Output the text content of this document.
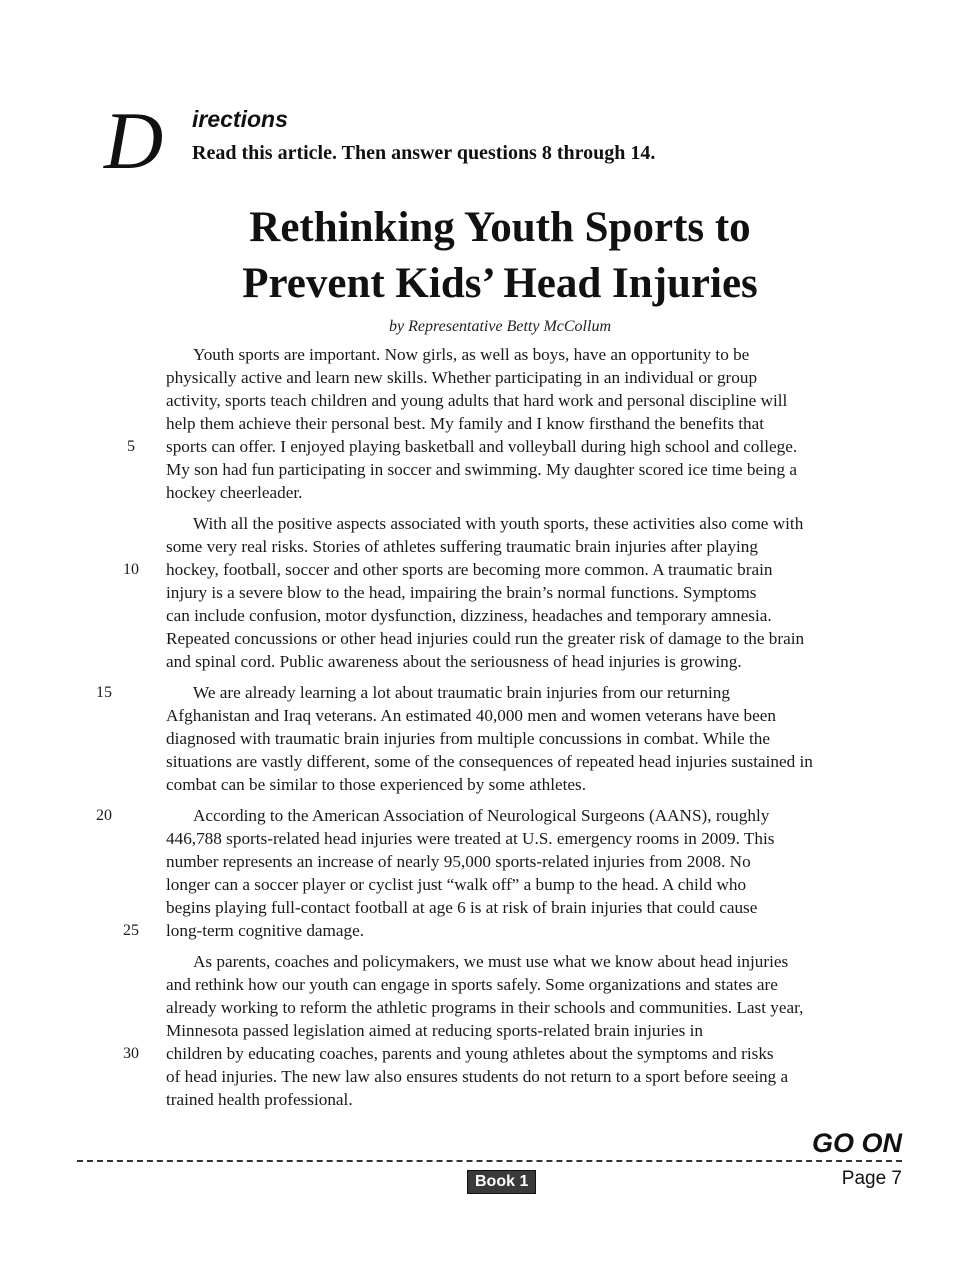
D irections
Read this article. Then answer questions 8 through 14.
Rethinking Youth Sports to
Prevent Kids’ Head Injuries
by Representative Betty McCollum
Youth sports are important. Now girls, as well as boys, have an opportunity to be
physically active and learn new skills. Whether participating in an individual or group
activity, sports teach children and young adults that hard work and personal discipline will
help them achieve their personal best. My family and I know firsthand the benefits that
5	sports can offer. I enjoyed playing basketball and volleyball during high school and college.
My son had fun participating in soccer and swimming. My daughter scored ice time being a
hockey cheerleader.
With all the positive aspects associated with youth sports, these activities also come with
some very real risks. Stories of athletes suffering traumatic brain injuries after playing
10	hockey, football, soccer and other sports are becoming more common. A traumatic brain
injury is a severe blow to the head, impairing the brain’s normal functions. Symptoms
can include confusion, motor dysfunction, dizziness, headaches and temporary amnesia.
Repeated concussions or other head injuries could run the greater risk of damage to the brain
and spinal cord. Public awareness about the seriousness of head injuries is growing.
15	We are already learning a lot about traumatic brain injuries from our returning
Afghanistan and Iraq veterans. An estimated 40,000 men and women veterans have been
diagnosed with traumatic brain injuries from multiple concussions in combat. While the
situations are vastly different, some of the consequences of repeated head injuries sustained in
combat can be similar to those experienced by some athletes.
20	According to the American Association of Neurological Surgeons (AANS), roughly
446,788 sports-related head injuries were treated at U.S. emergency rooms in 2009. This
number represents an increase of nearly 95,000 sports-related injuries from 2008. No
longer can a soccer player or cyclist just “walk off” a bump to the head. A child who
begins playing full-contact football at age 6 is at risk of brain injuries that could cause
25	long-term cognitive damage.
As parents, coaches and policymakers, we must use what we know about head injuries
and rethink how our youth can engage in sports safely. Some organizations and states are
already working to reform the athletic programs in their schools and communities. Last year,
Minnesota passed legislation aimed at reducing sports-related brain injuries in
30	children by educating coaches, parents and young athletes about the symptoms and risks
of head injuries. The new law also ensures students do not return to a sport before seeing a
trained health professional.
GO ON
Book 1	Page 7
